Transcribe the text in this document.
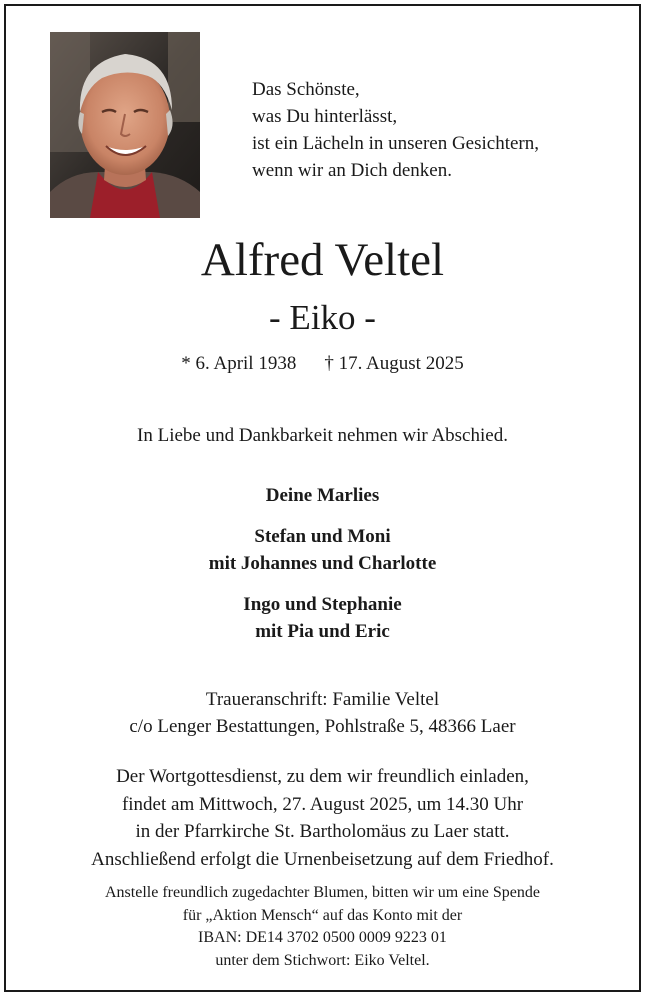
Das Schönste,
was Du hinterlässt,
ist ein Lächeln in unseren Gesichtern,
wenn wir an Dich denken.
Alfred Veltel
- Eiko -
* 6. April 1938 † 17. August 2025
In Liebe und Dankbarkeit nehmen wir Abschied.
Deine Marlies
Stefan und Moni
mit Johannes und Charlotte
Ingo und Stephanie
mit Pia und Eric
Traueranschrift: Familie Veltel
c/o Lenger Bestattungen, Pohlstraße 5, 48366 Laer
Der Wortgottesdienst, zu dem wir freundlich einladen,
findet am Mittwoch, 27. August 2025, um 14.30 Uhr
in der Pfarrkirche St. Bartholomäus zu Laer statt.
Anschließend erfolgt die Urnenbeisetzung auf dem Friedhof.
Anstelle freundlich zugedachter Blumen, bitten wir um eine Spende
für „Aktion Mensch“ auf das Konto mit der
IBAN: DE14 3702 0500 0009 9223 01
unter dem Stichwort: Eiko Veltel.
